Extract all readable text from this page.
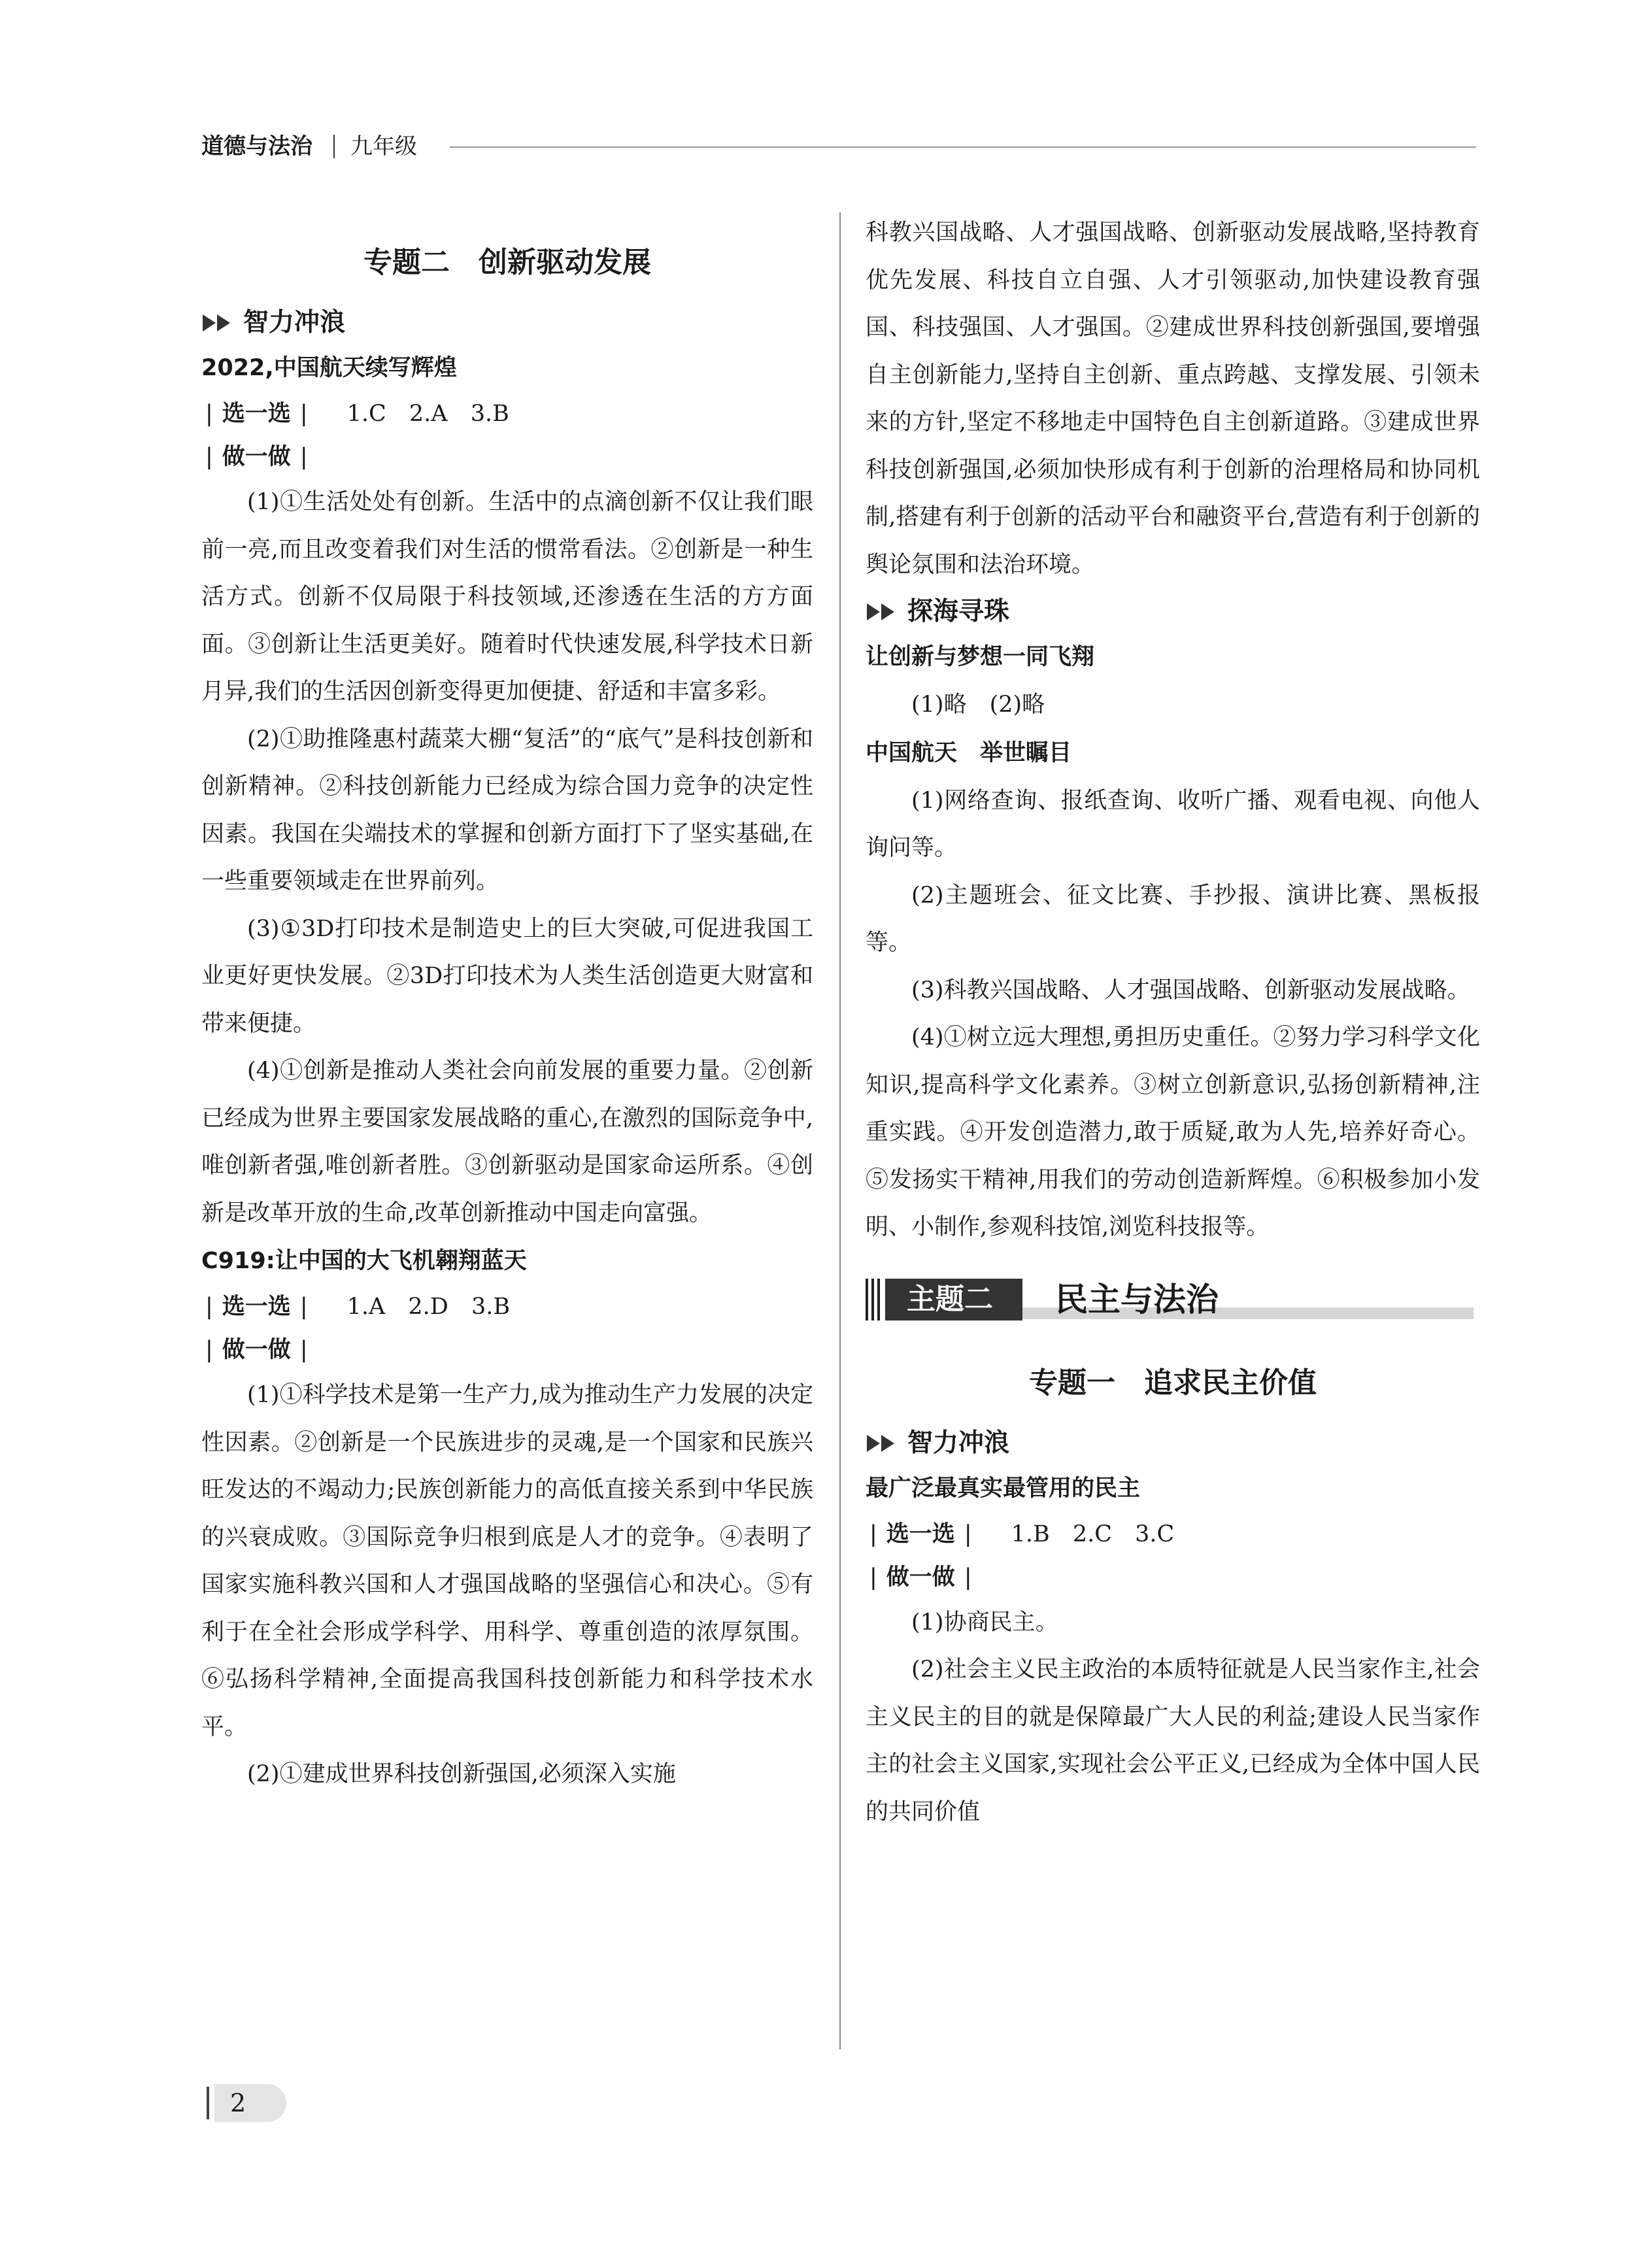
道德与法治 九年级
专题二　创新驱动发展
智力冲浪
2022,中国航天续写辉煌
| 选一选 |	1.C 2.A 3.B
| 做一做 |

(1)①生活处处有创新。生活中的点滴创新不仅让我们眼前一亮,而且改变着我们对生活的惯常看法。②创新是一种生活方式。创新不仅局限于科技领域,还渗透在生活的方方面面。③创新让生活更美好。随着时代快速发展,科学技术日新月异,我们的生活因创新变得更加便捷、舒适和丰富多彩。

(2)①助推隆惠村蔬菜大棚“复活”的“底气”是科技创新和创新精神。②科技创新能力已经成为综合国力竞争的决定性因素。我国在尖端技术的掌握和创新方面打下了坚实基础,在一些重要领域走在世界前列。

(3)①3D打印技术是制造史上的巨大突破,可促进我国工业更好更快发展。②3D打印技术为人类生活创造更大财富和带来便捷。

(4)①创新是推动人类社会向前发展的重要力量。②创新已经成为世界主要国家发展战略的重心,在激烈的国际竞争中,唯创新者强,唯创新者胜。③创新驱动是国家命运所系。④创新是改革开放的生命,改革创新推动中国走向富强。

C919:让中国的大飞机翱翔蓝天
| 选一选 |	1.A 2.D 3.B
| 做一做 |

(1)①科学技术是第一生产力,成为推动生产力发展的决定性因素。②创新是一个民族进步的灵魂,是一个国家和民族兴旺发达的不竭动力;民族创新能力的高低直接关系到中华民族的兴衰成败。③国际竞争归根到底是人才的竞争。④表明了国家实施科教兴国和人才强国战略的坚强信心和决心。⑤有利于在全社会形成学科学、用科学、尊重创造的浓厚氛围。⑥弘扬科学精神,全面提高我国科技创新能力和科学技术水平。

(2)①建成世界科技创新强国,必须深入实施

科教兴国战略、人才强国战略、创新驱动发展战略,坚持教育优先发展、科技自立自强、人才引领驱动,加快建设教育强国、科技强国、人才强国。②建成世界科技创新强国,要增强自主创新能力,坚持自主创新、重点跨越、支撑发展、引领未来的方针,坚定不移地走中国特色自主创新道路。③建成世界科技创新强国,必须加快形成有利于创新的治理格局和协同机制,搭建有利于创新的活动平台和融资平台,营造有利于创新的舆论氛围和法治环境。

探海寻珠
让创新与梦想一同飞翔

(1)略　(2)略

中国航天　举世瞩目

(1)网络查询、报纸查询、收听广播、观看电视、向他人询问等。

(2)主题班会、征文比赛、手抄报、演讲比赛、黑板报等。

(3)科教兴国战略、人才强国战略、创新驱动发展战略。

(4)①树立远大理想,勇担历史重任。②努力学习科学文化知识,提高科学文化素养。③树立创新意识,弘扬创新精神,注重实践。④开发创造潜力,敢于质疑,敢为人先,培养好奇心。⑤发扬实干精神,用我们的劳动创造新辉煌。⑥积极参加小发明、小制作,参观科技馆,浏览科技报等。

主题二	民主与法治
专题一　追求民主价值
智力冲浪
最广泛最真实最管用的民主
| 选一选 |	1.B 2.C 3.C
| 做一做 |

(1)协商民主。

(2)社会主义民主政治的本质特征就是人民当家作主,社会主义民主的目的就是保障最广大人民的利益;建设人民当家作主的社会主义国家,实现社会公平正义,已经成为全体中国人民的共同价值

2
